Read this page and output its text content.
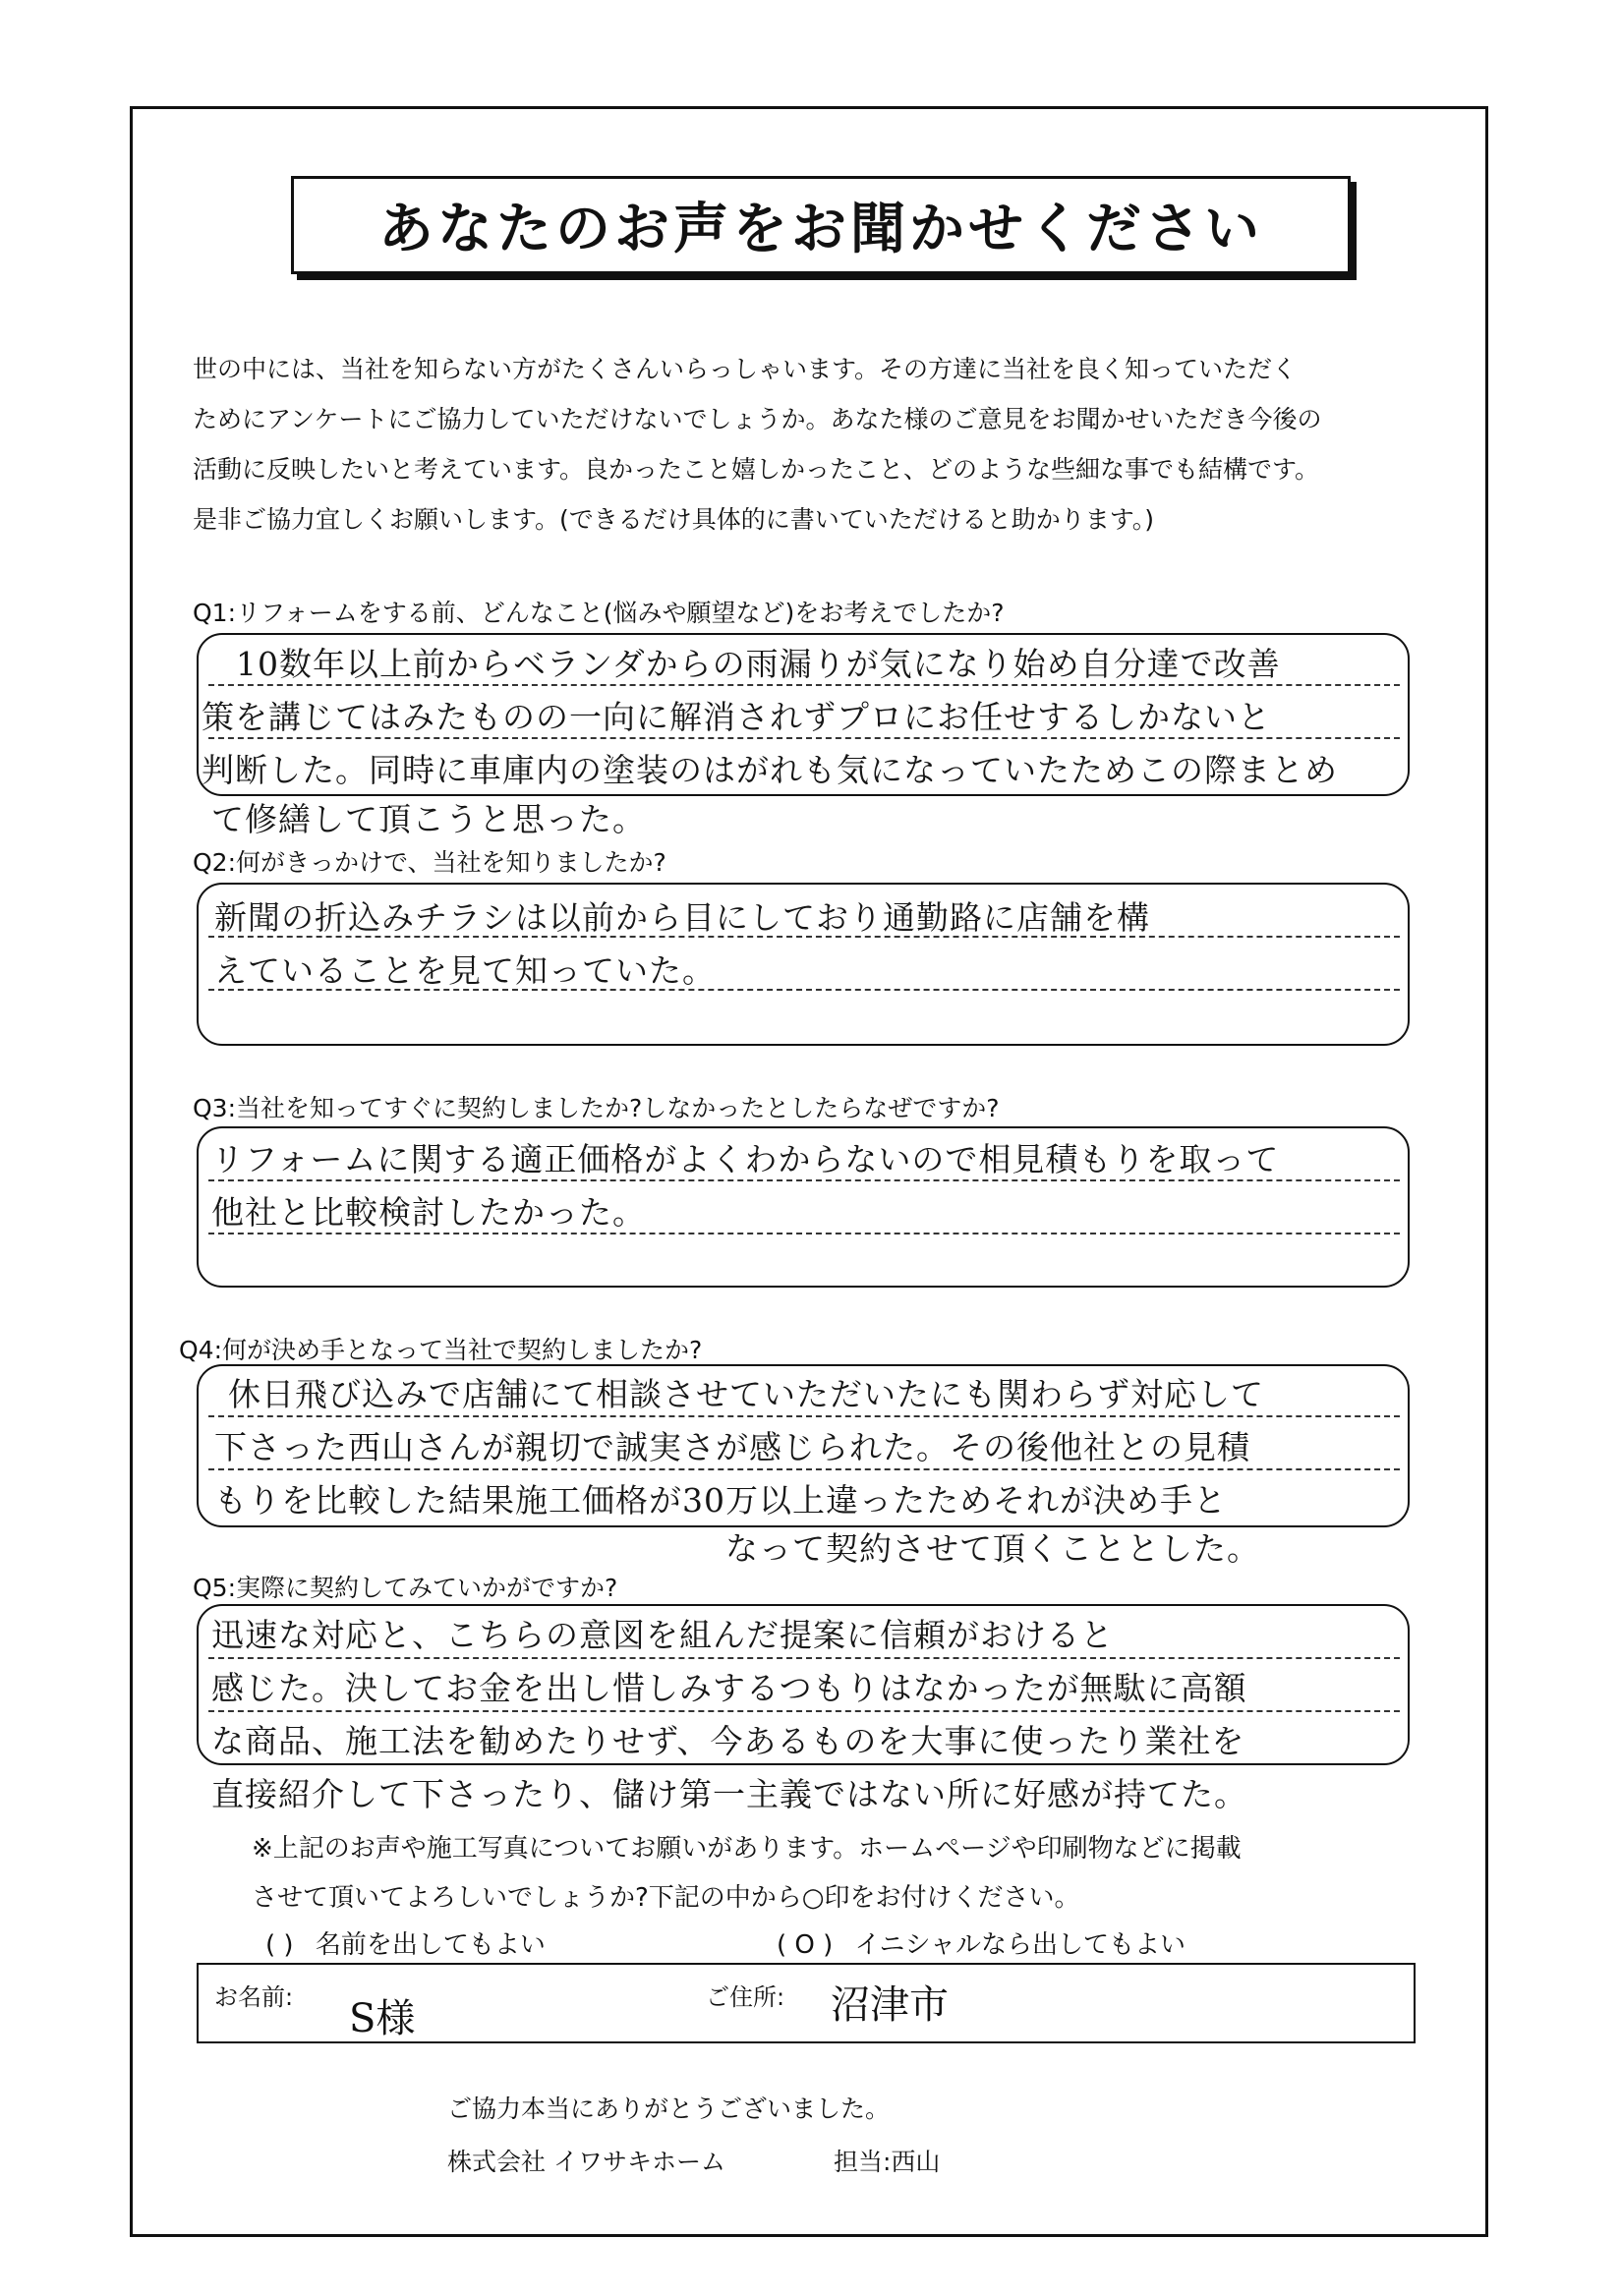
あなたのお声をお聞かせください
世の中には、当社を知らない方がたくさんいらっしゃいます。その方達に当社を良く知っていただく
ためにアンケートにご協力していただけないでしょうか。あなた様のご意見をお聞かせいただき今後の
活動に反映したいと考えています。良かったこと嬉しかったこと、どのような些細な事でも結構です。
是非ご協力宜しくお願いします。(できるだけ具体的に書いていただけると助かります。)
Q1:リフォームをする前、どんなこと(悩みや願望など)をお考えでしたか?
10数年以上前からベランダからの雨漏りが気になり始め自分達で改善
策を講じてはみたものの一向に解消されずプロにお任せするしかないと
判断した。同時に車庫内の塗装のはがれも気になっていたためこの際まとめ
て修繕して頂こうと思った。
Q2:何がきっかけで、当社を知りましたか?
新聞の折込みチラシは以前から目にしており通勤路に店舗を構
えていることを見て知っていた。
Q3:当社を知ってすぐに契約しましたか?しなかったとしたらなぜですか?
リフォームに関する適正価格がよくわからないので相見積もりを取って
他社と比較検討したかった。
Q4:何が決め手となって当社で契約しましたか?
休日飛び込みで店舗にて相談させていただいたにも関わらず対応して
下さった西山さんが親切で誠実さが感じられた。その後他社との見積
もりを比較した結果施工価格が30万以上違ったためそれが決め手と
なって契約させて頂くこととした。
Q5:実際に契約してみていかがですか?
迅速な対応と、こちらの意図を組んだ提案に信頼がおけると
感じた。決してお金を出し惜しみするつもりはなかったが無駄に高額
な商品、施工法を勧めたりせず、今あるものを大事に使ったり業社を
直接紹介して下さったり、儲け第一主義ではない所に好感が持てた。
※上記のお声や施工写真についてお願いがあります。ホームページや印刷物などに掲載
させて頂いてよろしいでしょうか?下記の中から○印をお付けください。
( ) 名前を出してもよい	( O ) イニシャルなら出してもよい
お名前: S様	ご住所: 沼津市
ご協力本当にありがとうございました。
株式会社 イワサキホーム	担当:西山
